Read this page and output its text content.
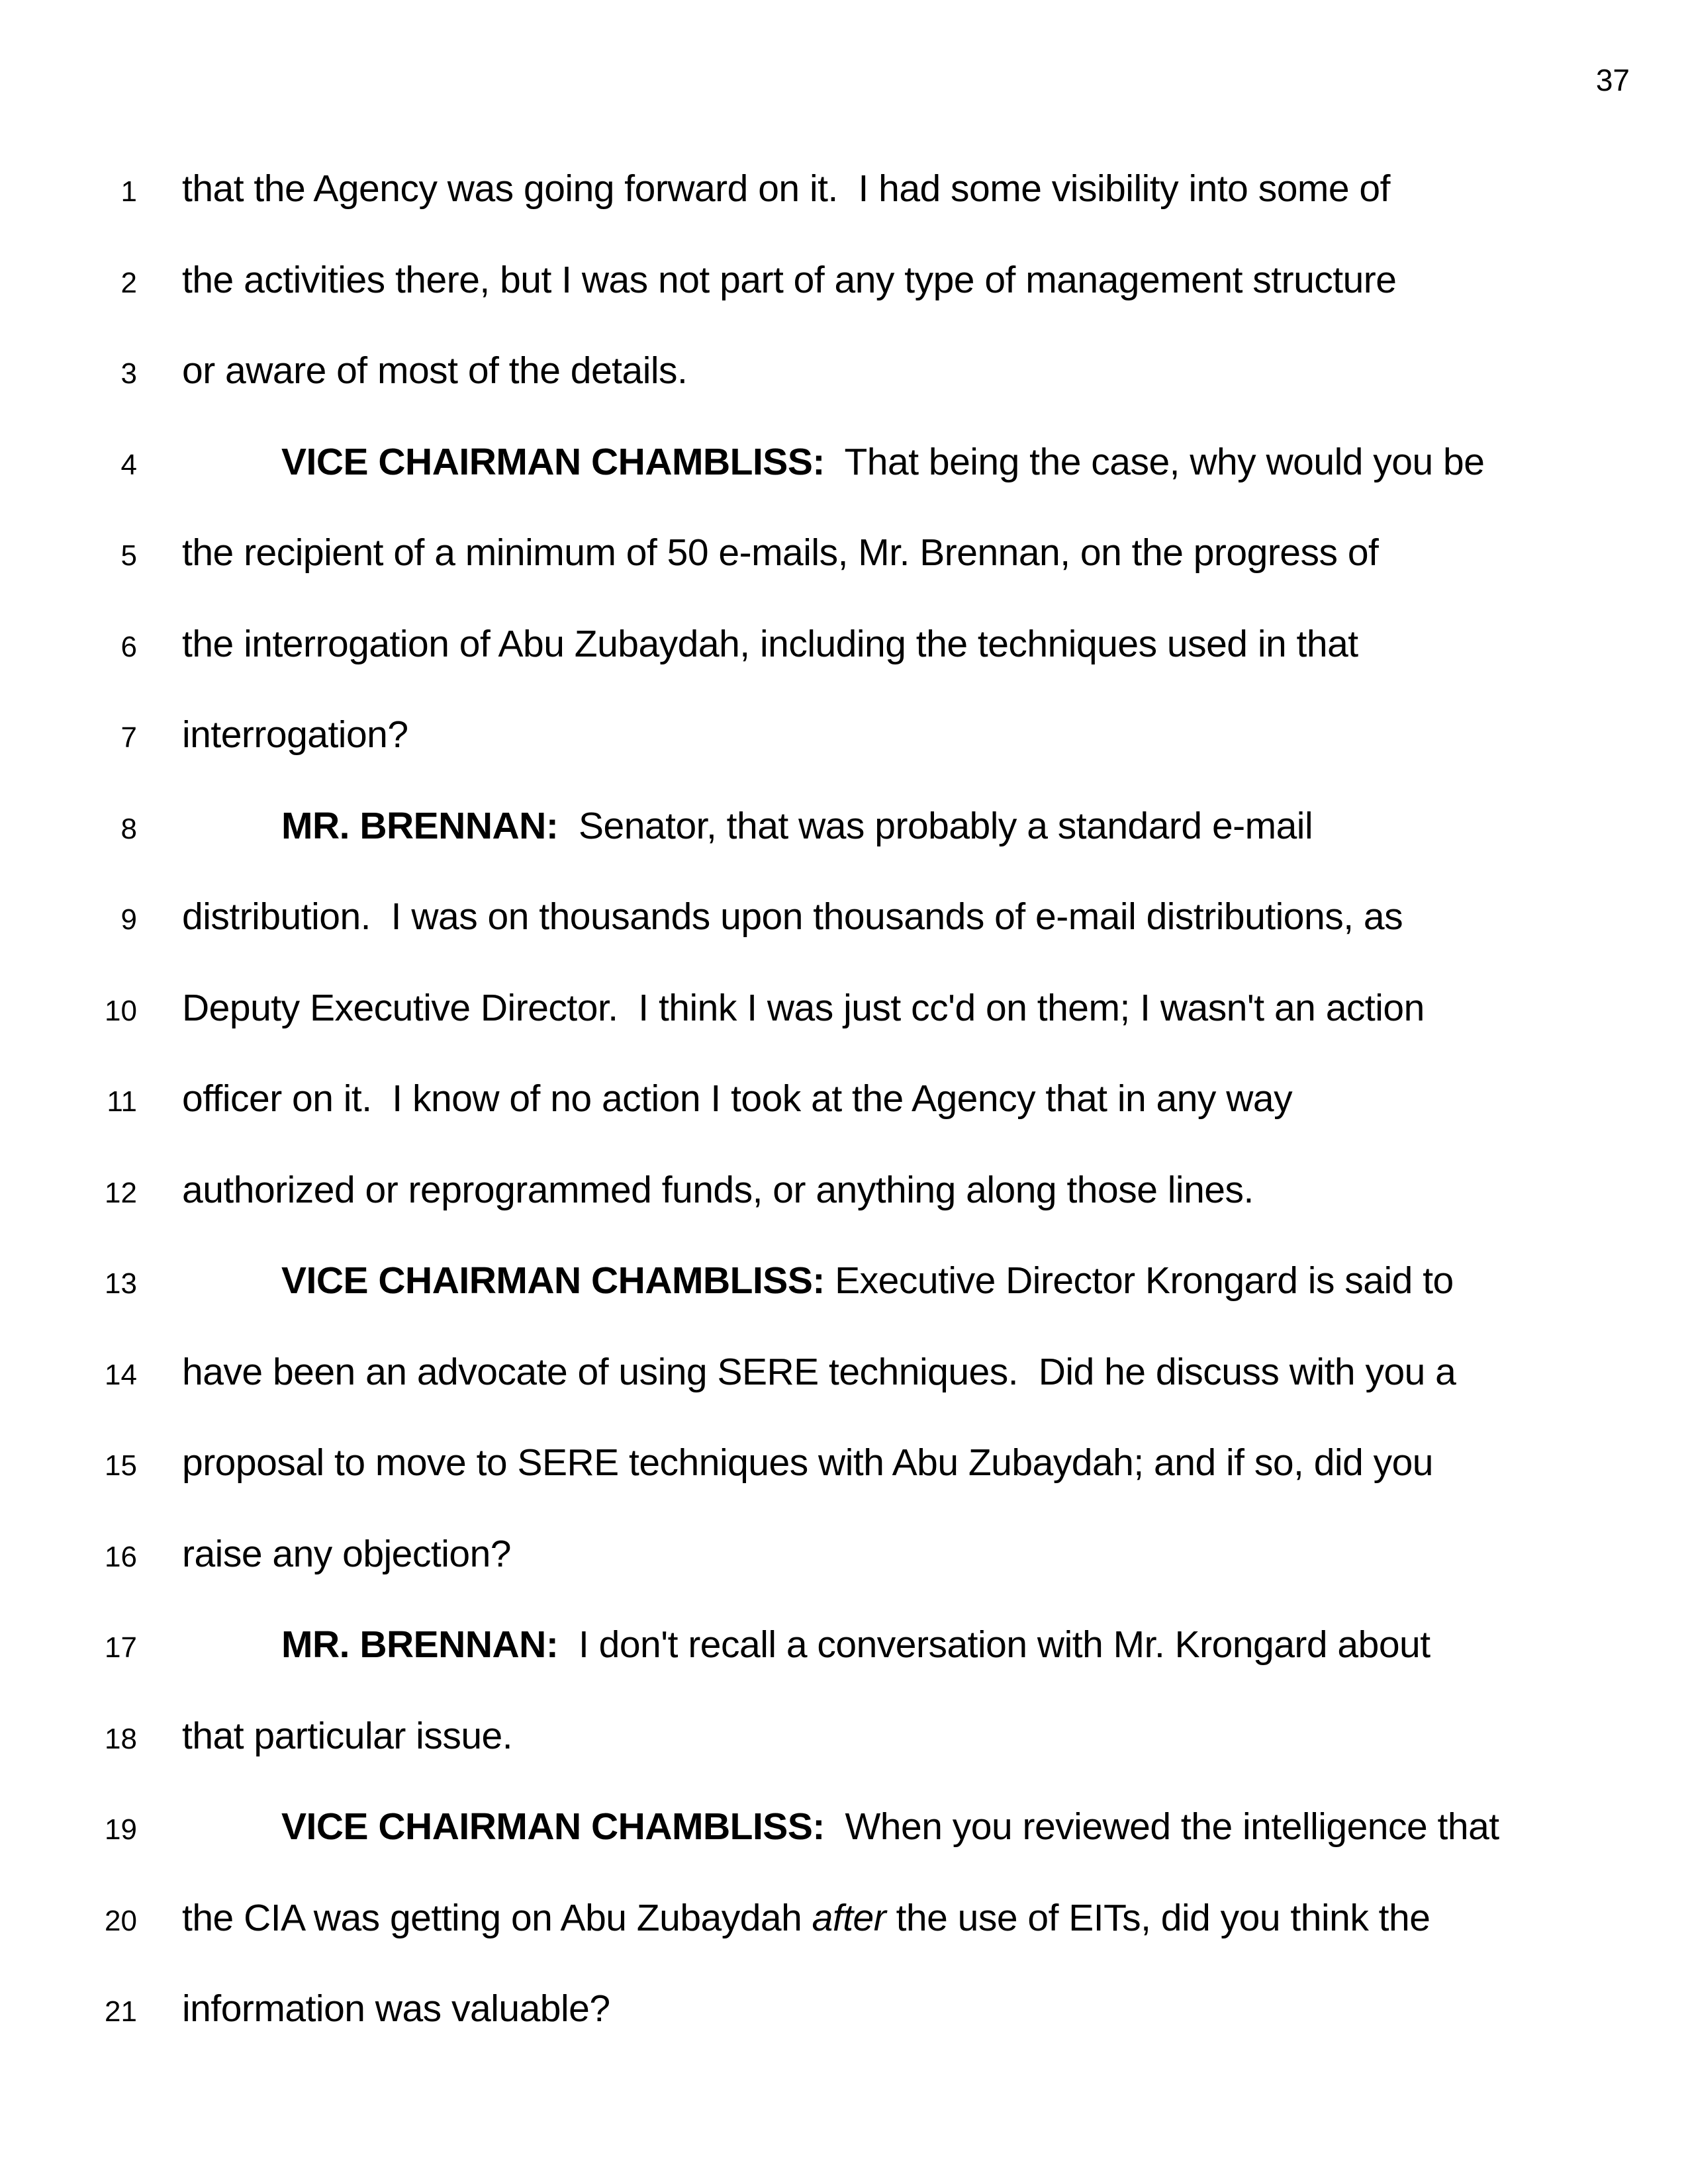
37
1 that the Agency was going forward on it.  I had some visibility into some of
2 the activities there, but I was not part of any type of management structure
3 or aware of most of the details.
4	VICE CHAIRMAN CHAMBLISS:  That being the case, why would you be
5 the recipient of a minimum of 50 e-mails, Mr. Brennan, on the progress of
6 the interrogation of Abu Zubaydah, including the techniques used in that
7 interrogation?
8	MR. BRENNAN:  Senator, that was probably a standard e-mail
9 distribution.  I was on thousands upon thousands of e-mail distributions, as
10 Deputy Executive Director.  I think I was just cc'd on them; I wasn't an action
11 officer on it.  I know of no action I took at the Agency that in any way
12 authorized or reprogrammed funds, or anything along those lines.
13	VICE CHAIRMAN CHAMBLISS: Executive Director Krongard is said to
14 have been an advocate of using SERE techniques.  Did he discuss with you a
15 proposal to move to SERE techniques with Abu Zubaydah; and if so, did you
16 raise any objection?
17	MR. BRENNAN:  I don't recall a conversation with Mr. Krongard about
18 that particular issue.
19	VICE CHAIRMAN CHAMBLISS:  When you reviewed the intelligence that
20 the CIA was getting on Abu Zubaydah after the use of EITs, did you think the
21 information was valuable?
